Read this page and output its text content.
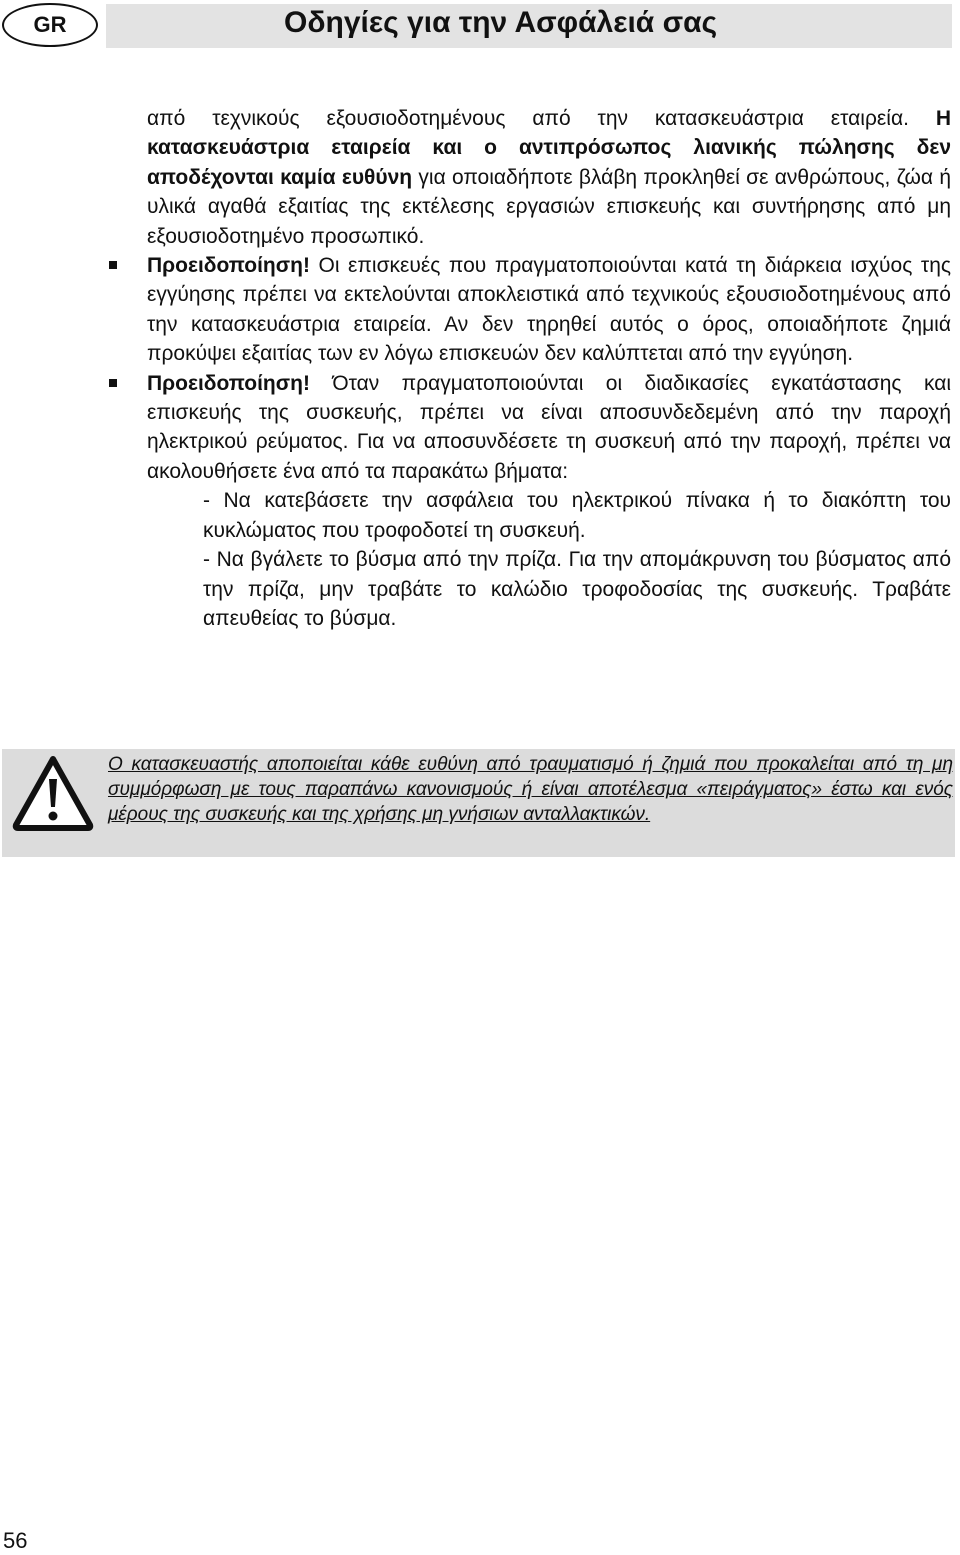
GR	Οδηγίες για την Ασφάλειά σας

από τεχνικούς εξουσιοδοτημένους από την κατασκευάστρια εταιρεία. Η κατασκευάστρια εταιρεία και ο αντιπρόσωπος λιανικής πώλησης δεν αποδέχονται καμία ευθύνη για οποιαδήποτε βλάβη προκληθεί σε ανθρώπους, ζώα ή υλικά αγαθά εξαιτίας της εκτέλεσης εργασιών επισκευής και συντήρησης από μη εξουσιοδοτημένο προσωπικό.

Προειδοποίηση! Οι επισκευές που πραγματοποιούνται κατά τη διάρκεια ισχύος της εγγύησης πρέπει να εκτελούνται αποκλειστικά από τεχνικούς εξουσιοδοτημένους από την κατασκευάστρια εταιρεία. Αν δεν τηρηθεί αυτός ο όρος, οποιαδήποτε ζημιά προκύψει εξαιτίας των εν λόγω επισκευών δεν καλύπτεται από την εγγύηση.

Προειδοποίηση! Όταν πραγματοποιούνται οι διαδικασίες εγκατάστασης και επισκευής της συσκευής, πρέπει να είναι αποσυνδεδεμένη από την παροχή ηλεκτρικού ρεύματος. Για να αποσυνδέσετε τη συσκευή από την παροχή, πρέπει να ακολουθήσετε ένα από τα παρακάτω βήματα:

- Να κατεβάσετε την ασφάλεια του ηλεκτρικού πίνακα ή το διακόπτη του κυκλώματος που τροφοδοτεί τη συσκευή.

- Να βγάλετε το βύσμα από την πρίζα. Για την απομάκρυνση του βύσματος από την πρίζα, μην τραβάτε το καλώδιο τροφοδοσίας της συσκευής. Τραβάτε απευθείας το βύσμα.

Ο κατασκευαστής αποποιείται κάθε ευθύνη από τραυματισμό ή ζημιά που προκαλείται από τη μη συμμόρφωση με τους παραπάνω κανονισμούς ή είναι αποτέλεσμα «πειράγματος» έστω και ενός μέρους της συσκευής και της χρήσης μη γνήσιων ανταλλακτικών.
56
